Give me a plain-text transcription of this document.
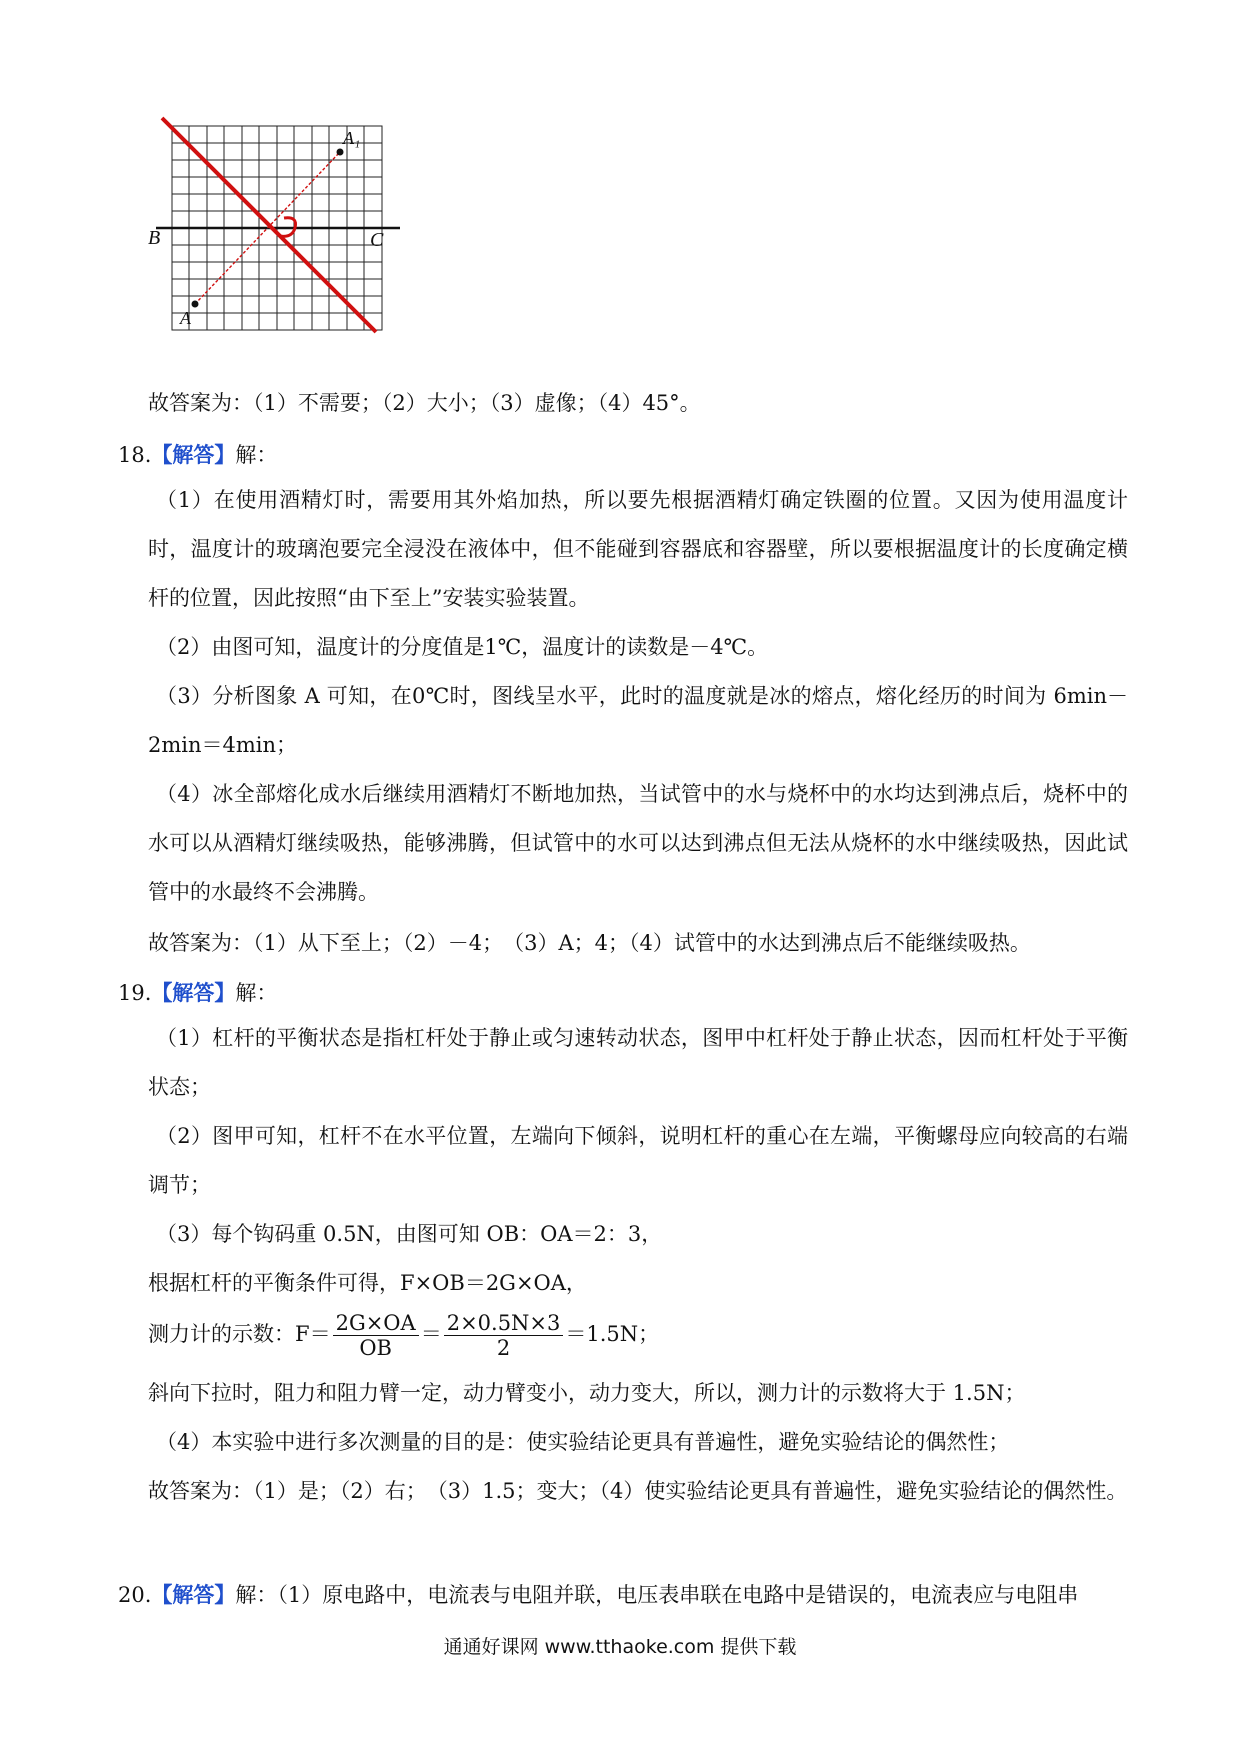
A₁
B	C
A
故答案为：（1）不需要；（2）大小；（3）虚像；（4）45°。
18.【解答】解：
（1）在使用酒精灯时，需要用其外焰加热，所以要先根据酒精灯确定铁圈的位置。又因为使用温度计时，温度计的玻璃泡要完全浸没在液体中，但不能碰到容器底和容器壁，所以要根据温度计的长度确定横杆的位置，因此按照“由下至上”安装实验装置。
（2）由图可知，温度计的分度值是1℃，温度计的读数是－4℃。
（3）分析图象 A 可知，在0℃时，图线呈水平，此时的温度就是冰的熔点，熔化经历的时间为 6min－2min＝4min；
（4）冰全部熔化成水后继续用酒精灯不断地加热，当试管中的水与烧杯中的水均达到沸点后，烧杯中的水可以从酒精灯继续吸热，能够沸腾，但试管中的水可以达到沸点但无法从烧杯的水中继续吸热，因此试管中的水最终不会沸腾。
故答案为：（1）从下至上；（2）－4；　（3）A；4；（4）试管中的水达到沸点后不能继续吸热。
19.【解答】解：
（1）杠杆的平衡状态是指杠杆处于静止或匀速转动状态，图甲中杠杆处于静止状态，因而杠杆处于平衡状态；
（2）图甲可知，杠杆不在水平位置，左端向下倾斜，说明杠杆的重心在左端，平衡螺母应向较高的右端调节；
（3）每个钩码重 0.5N，由图可知 OB：OA＝2：3，
根据杠杆的平衡条件可得，F×OB＝2G×OA，
测力计的示数：$F= \frac{2G\times OA}{OB} = \frac{2\times 0.5N\times 3}{2} =1.5N$；
斜向下拉时，阻力和阻力臂一定，动力臂变小，动力变大，所以，测力计的示数将大于 1.5N；
（4）本实验中进行多次测量的目的是：使实验结论更具有普遍性，避免实验结论的偶然性；
故答案为：（1）是；（2）右；　（3）1.5；变大；（4）使实验结论更具有普遍性，避免实验结论的偶然性。
20.【解答】解：（1）原电路中，电流表与电阻并联，电压表串联在电路中是错误的，电流表应与电阻串
通通好课网 www.tthaoke.com 提供下载
